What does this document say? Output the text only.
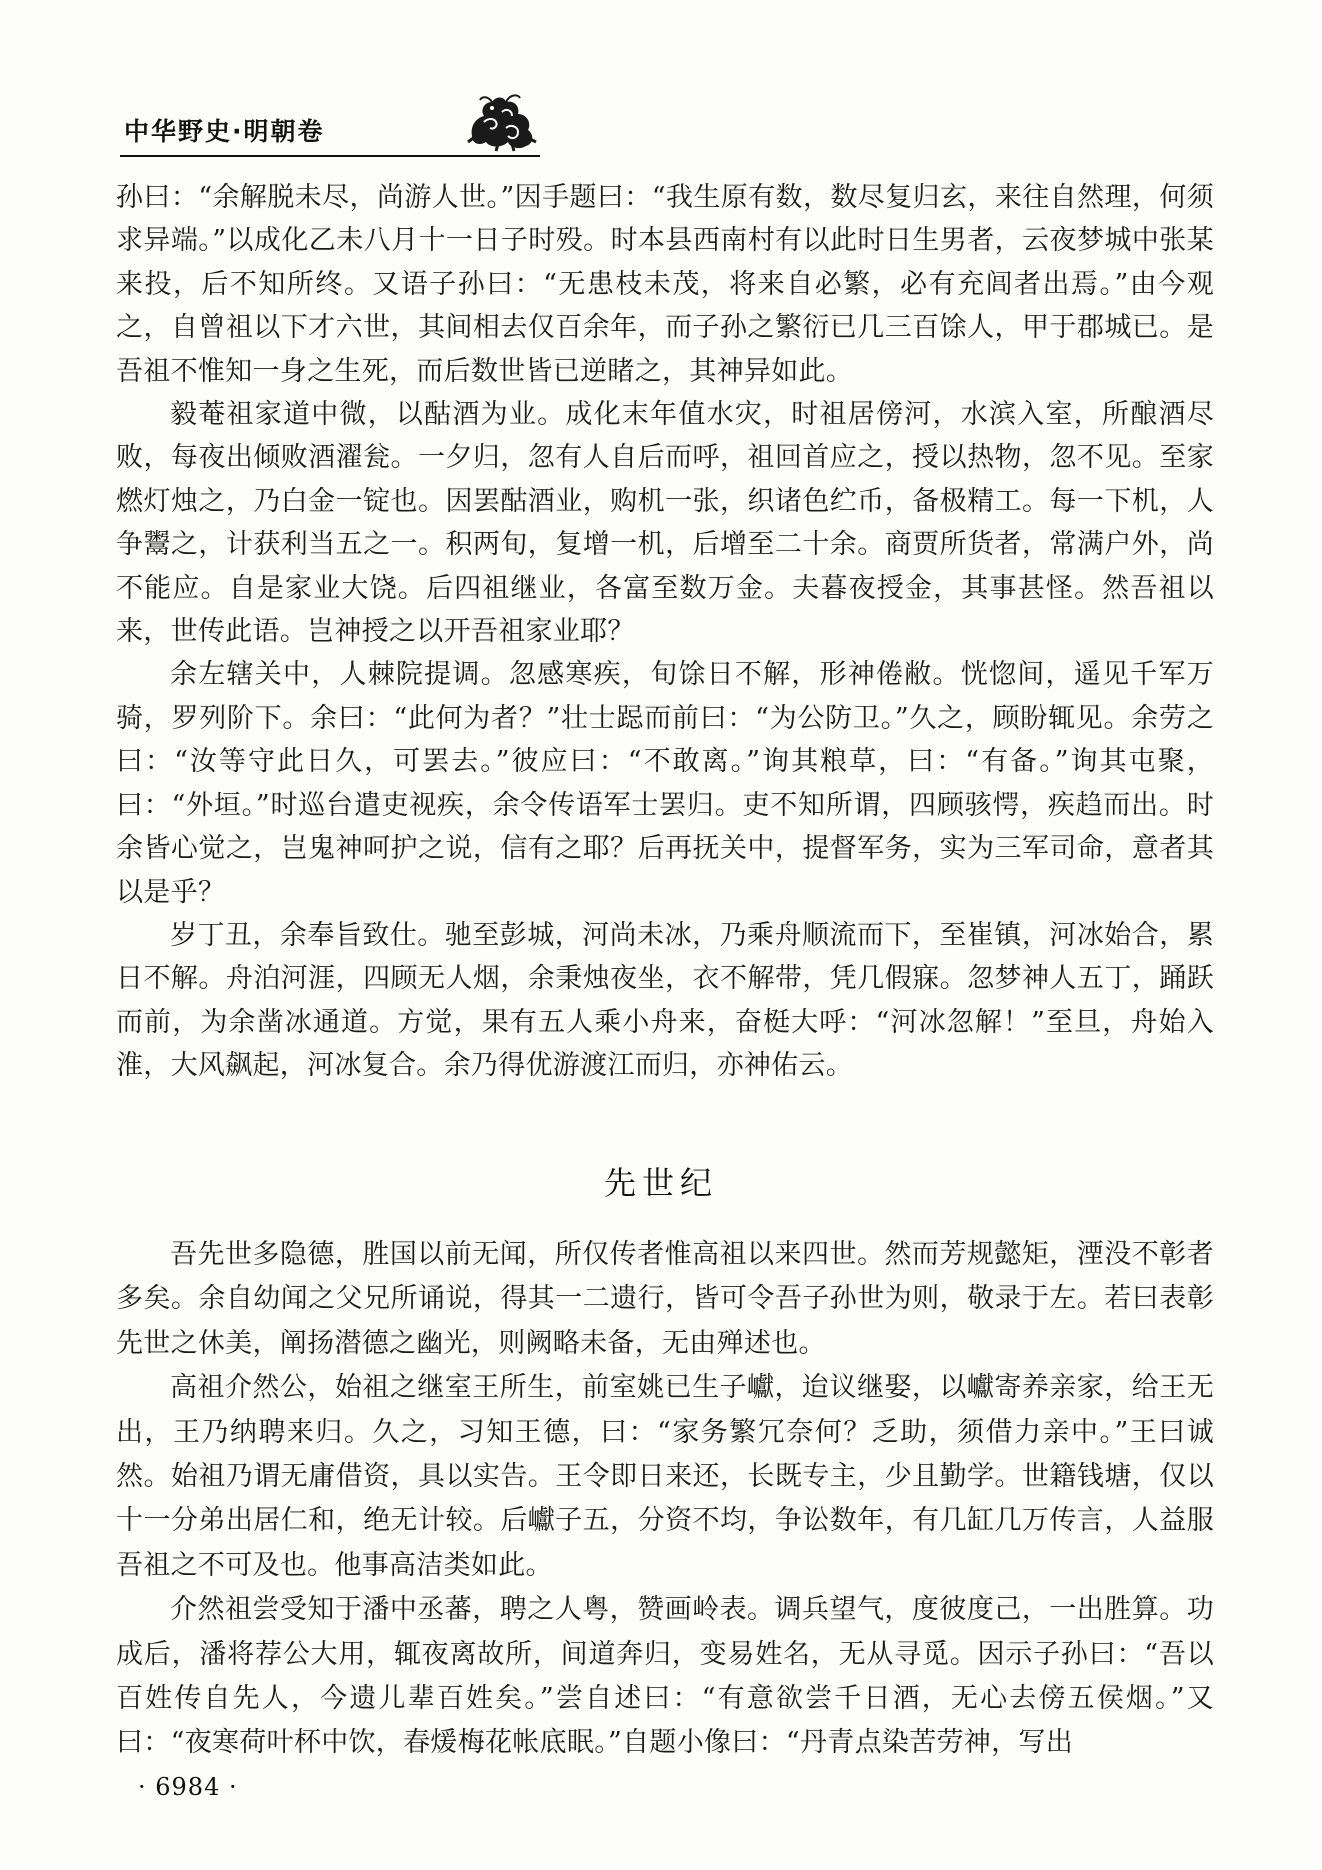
中华野史·明朝卷

孙曰：“余解脱未尽，尚游人世。”因手题曰：“我生原有数，数尽复归玄，来往自然理，何须求异端。”以成化乙未八月十一日子时殁。时本县西南村有以此时日生男者，云夜梦城中张某来投，后不知所终。又语子孙曰：“无患枝未茂，将来自必繁，必有充闾者出焉。”由今观之，自曾祖以下才六世，其间相去仅百余年，而子孙之繁衍已几三百馀人，甲于郡城已。是吾祖不惟知一身之生死，而后数世皆已逆睹之，其神异如此。

毅菴祖家道中微，以酤酒为业。成化末年值水灾，时祖居傍河，水滨入室，所酿酒尽败，每夜出倾败酒濯瓮。一夕归，忽有人自后而呼，祖回首应之，授以热物，忽不见。至家燃灯烛之，乃白金一锭也。因罢酤酒业，购机一张，织诸色纻币，备极精工。每一下机，人争鬻之，计获利当五之一。积两旬，复增一机，后增至二十余。商贾所货者，常满户外，尚不能应。自是家业大饶。后四祖继业，各富至数万金。夫暮夜授金，其事甚怪。然吾祖以来，世传此语。岂神授之以开吾祖家业耶？

余左辖关中，人棘院提调。忽感寒疾，旬馀日不解，形神倦敝。恍惚间，遥见千军万骑，罗列阶下。余曰：“此何为者？”壮士跽而前曰：“为公防卫。”久之，顾盼辄见。余劳之曰：“汝等守此日久，可罢去。”彼应曰：“不敢离。”询其粮草，曰：“有备。”询其屯聚，曰：“外垣。”时巡台遣吏视疾，余令传语军士罢归。吏不知所谓，四顾骇愕，疾趋而出。时余皆心觉之，岂鬼神呵护之说，信有之耶？后再抚关中，提督军务，实为三军司命，意者其以是乎？

岁丁丑，余奉旨致仕。驰至彭城，河尚未冰，乃乘舟顺流而下，至崔镇，河冰始合，累日不解。舟泊河涯，四顾无人烟，余秉烛夜坐，衣不解带，凭几假寐。忽梦神人五丁，踊跃而前，为余凿冰通道。方觉，果有五人乘小舟来，奋梃大呼：“河冰忽解！”至旦，舟始入淮，大风飙起，河冰复合。余乃得优游渡江而归，亦神佑云。

先世纪

吾先世多隐德，胜国以前无闻，所仅传者惟高祖以来四世。然而芳规懿矩，湮没不彰者多矣。余自幼闻之父兄所诵说，得其一二遗行，皆可令吾子孙世为则，敬录于左。若曰表彰先世之休美，阐扬潜德之幽光，则阙略未备，无由殚述也。

高祖介然公，始祖之继室王所生，前室姚已生子巘，迨议继娶，以巘寄养亲家，给王无出，王乃纳聘来归。久之，习知王德，曰：“家务繁冗奈何？乏助，须借力亲中。”王曰诚然。始祖乃谓无庸借资，具以实告。王令即日来还，长既专主，少且勤学。世籍钱塘，仅以十一分弟出居仁和，绝无计较。后巘子五，分资不均，争讼数年，有几缸几万传言，人益服吾祖之不可及也。他事高洁类如此。

介然祖尝受知于潘中丞蕃，聘之人粤，赞画岭表。调兵望气，度彼度己，一出胜算。功成后，潘将荐公大用，辄夜离故所，间道奔归，变易姓名，无从寻觅。因示子孙曰：“吾以百姓传自先人，今遗儿辈百姓矣。”尝自述曰：“有意欲尝千日酒，无心去傍五侯烟。”又曰：“夜寒荷叶杯中饮，春煖梅花帐底眠。”自题小像曰：“丹青点染苦劳神，写出

· 6984 ·
